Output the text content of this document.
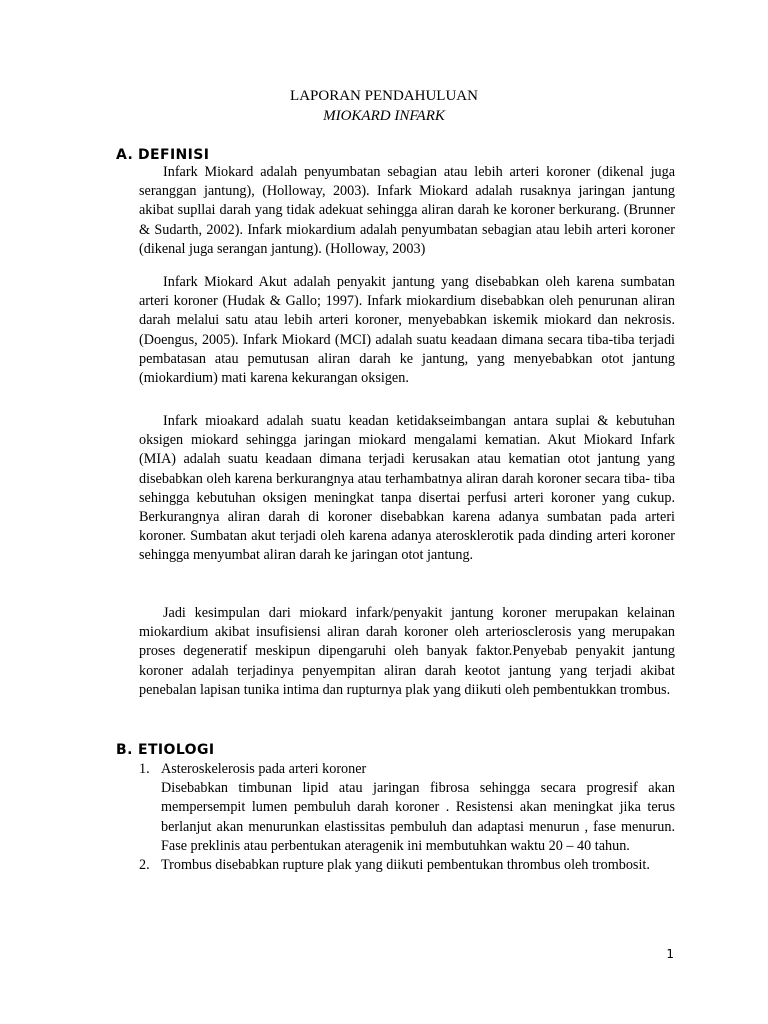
LAPORAN PENDAHULUAN
MIOKARD INFARK
A. DEFINISI

Infark Miokard adalah penyumbatan sebagian atau lebih arteri koroner (dikenal juga seranggan jantung), (Holloway, 2003). Infark Miokard adalah rusaknya jaringan jantung akibat supllai darah yang tidak adekuat sehingga aliran darah ke koroner berkurang. (Brunner & Sudarth, 2002). Infark miokardium adalah penyumbatan sebagian atau lebih arteri koroner (dikenal juga serangan jantung). (Holloway, 2003)

Infark Miokard Akut adalah penyakit jantung yang disebabkan oleh karena sumbatan arteri koroner (Hudak & Gallo; 1997). Infark miokardium disebabkan oleh penurunan aliran darah melalui satu atau lebih arteri koroner, menyebabkan iskemik miokard dan nekrosis. (Doengus, 2005). Infark Miokard (MCI) adalah suatu keadaan dimana secara tiba-tiba terjadi pembatasan atau pemutusan aliran darah ke jantung, yang menyebabkan otot jantung (miokardium) mati karena kekurangan oksigen.

Infark mioakard adalah suatu keadan ketidakseimbangan antara suplai & kebutuhan oksigen miokard sehingga jaringan miokard mengalami kematian. Akut Miokard Infark (MIA) adalah suatu keadaan dimana terjadi kerusakan atau kematian otot jantung yang disebabkan oleh karena berkurangnya atau terhambatnya aliran darah koroner secara tiba- tiba sehingga kebutuhan oksigen meningkat tanpa disertai perfusi arteri koroner yang cukup. Berkurangnya aliran darah di koroner disebabkan karena adanya sumbatan pada arteri koroner. Sumbatan akut terjadi oleh karena adanya aterosklerotik pada dinding arteri koroner sehingga menyumbat aliran darah ke jaringan otot jantung.

Jadi kesimpulan dari miokard infark/penyakit jantung koroner merupakan kelainan miokardium akibat insufisiensi aliran darah koroner oleh arteriosclerosis yang merupakan proses degeneratif meskipun dipengaruhi oleh banyak faktor.Penyebab penyakit jantung koroner adalah terjadinya penyempitan aliran darah keotot jantung yang terjadi akibat penebalan lapisan tunika intima dan rupturnya plak yang diikuti oleh pembentukkan trombus.

B. ETIOLOGI
1. Asteroskelerosis pada arteri koroner
Disebabkan timbunan lipid atau jaringan fibrosa sehingga secara progresif akan mempersempit lumen pembuluh darah koroner . Resistensi akan meningkat jika terus berlanjut akan menurunkan elastissitas pembuluh dan adaptasi menurun , fase menurun. Fase preklinis atau perbentukan ateragenik ini membutuhkan waktu 20 – 40 tahun.
2. Trombus disebabkan rupture plak yang diikuti pembentukan thrombus oleh trombosit.
1
